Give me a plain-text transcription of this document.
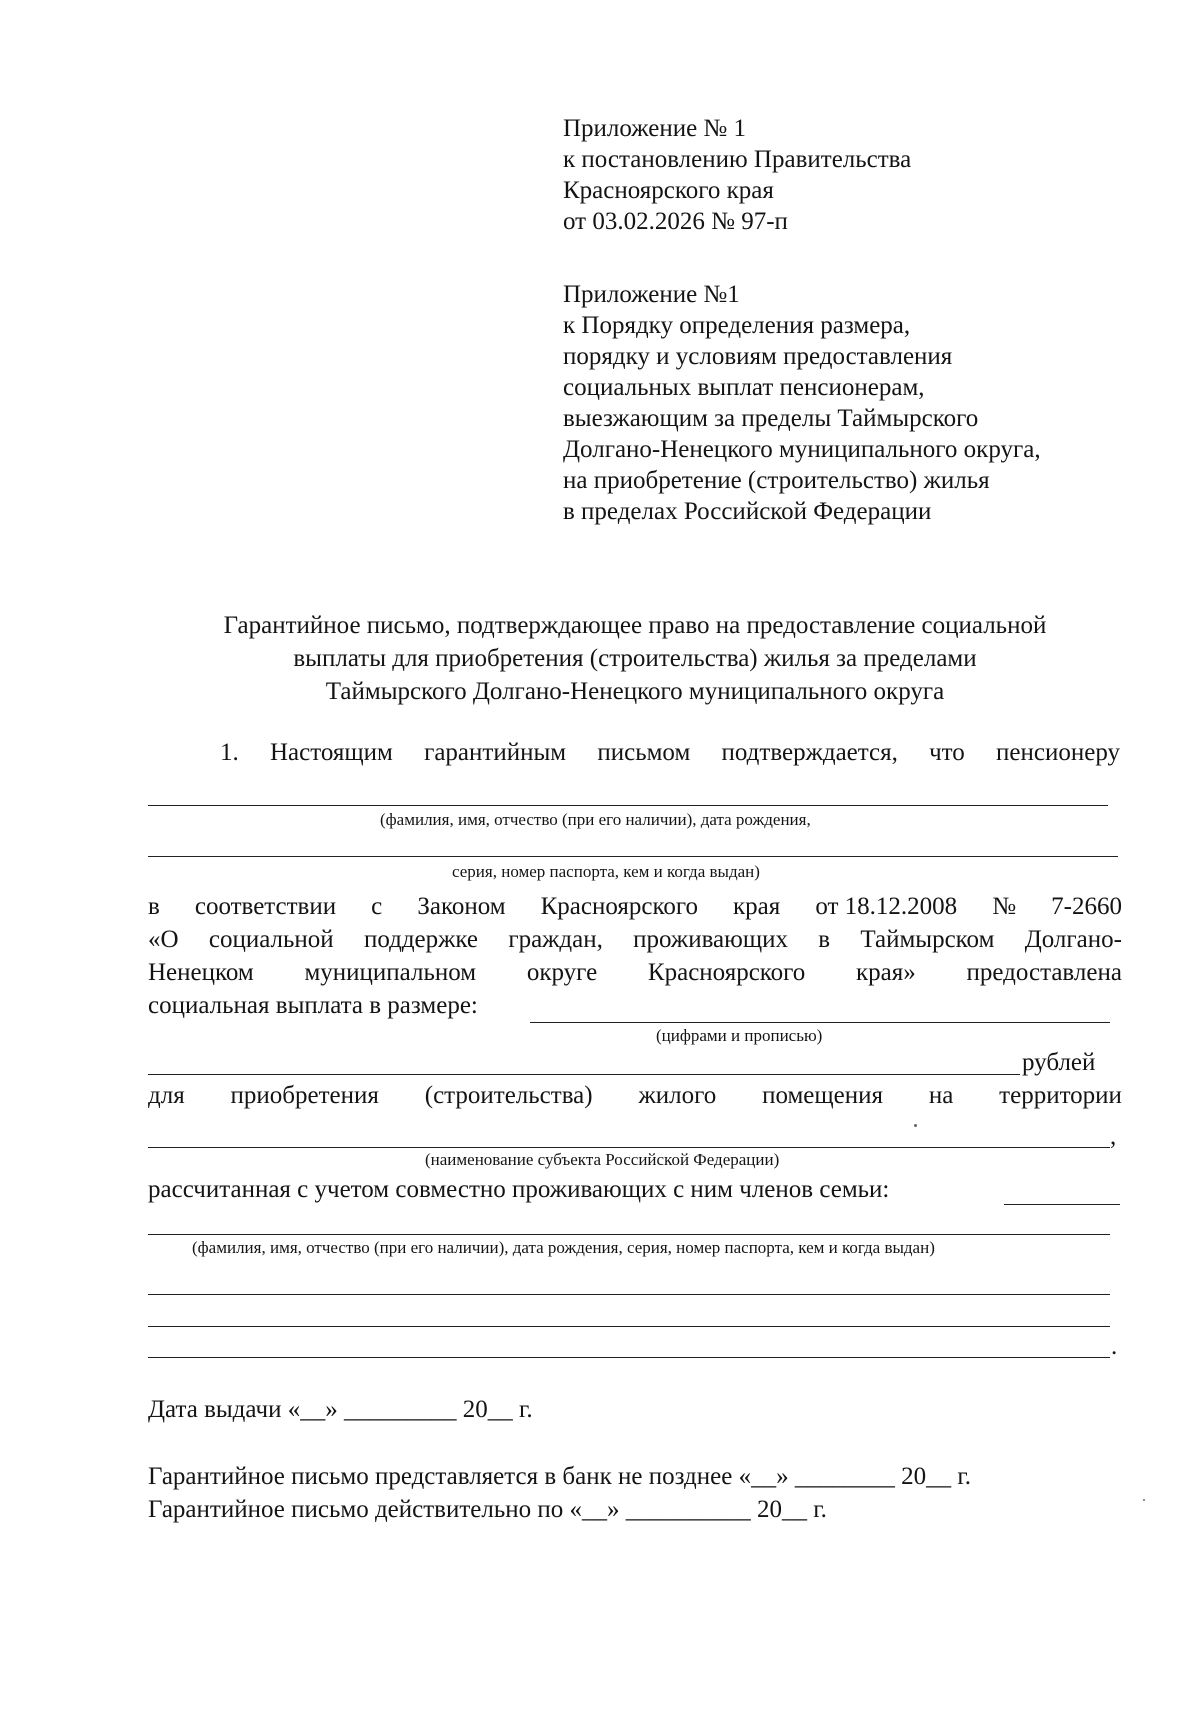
Приложение № 1
к постановлению Правительства
Красноярского края
от 03.02.2026 № 97-п
Приложение №1
к Порядку определения размера,
порядку и условиям предоставления
социальных выплат пенсионерам,
выезжающим за пределы Таймырского
Долгано-Ненецкого муниципального округа,
на приобретение (строительство) жилья
в пределах Российской Федерации
Гарантийное письмо, подтверждающее право на предоставление социальной
выплаты для приобретения (строительства) жилья за пределами
Таймырского Долгано-Ненецкого муниципального округа
1. Настоящим гарантийным письмом подтверждается, что пенсионеру
(фамилия, имя, отчество (при его наличии), дата рождения,
серия, номер паспорта, кем и когда выдан)
в соответствии с Законом Красноярского края от 18.12.2008 № 7-2660
«О социальной поддержке граждан, проживающих в Таймырском Долгано-
Ненецком муниципальном округе Красноярского края» предоставлена
социальная выплата в размере:
(цифрами и прописью)
рублей
для приобретения (строительства) жилого помещения на территории
,
(наименование субъекта Российской Федерации)
рассчитанная с учетом совместно проживающих с ним членов семьи:
(фамилия, имя, отчество (при его наличии), дата рождения, серия, номер паспорта, кем и когда выдан)
.
Дата выдачи «__» _________ 20__ г.
Гарантийное письмо представляется в банк не позднее «__» ________ 20__ г.
Гарантийное письмо действительно по «__» __________ 20__ г.
